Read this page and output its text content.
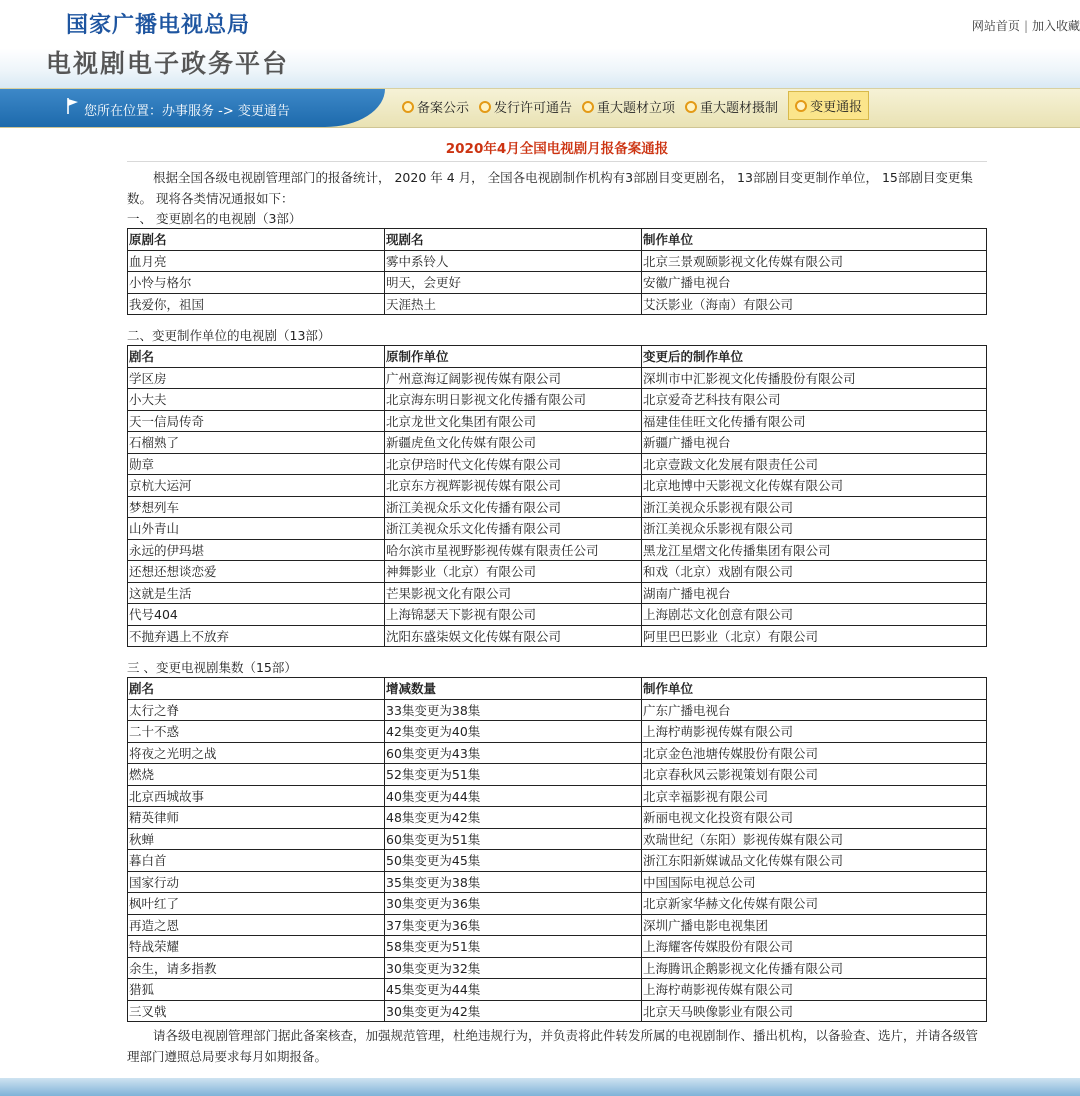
国家广播电视总局
电视剧电子政务平台
网站首页 | 加入收藏
您所在位置：办事服务 -> 变更通告	备案公示 发行许可通告 重大题材立项 重大题材摄制 变更通报
2020年4月全国电视剧月报备案通报
根据全国各级电视剧管理部门的报备统计， 2020 年 4 月， 全国各电视剧制作机构有3部剧目变更剧名， 13部剧目变更制作单位， 15部剧目变更集数。 现将各类情况通报如下：
一、 变更剧名的电视剧（3部）
原剧名	现剧名	制作单位
血月亮	雾中系铃人	北京三景观颐影视文化传媒有限公司
小怜与格尔	明天，会更好	安徽广播电视台
我爱你，祖国	天涯热土	艾沃影业（海南）有限公司
二、变更制作单位的电视剧（13部）
剧名	原制作单位	变更后的制作单位
学区房	广州意海辽阔影视传媒有限公司	深圳市中汇影视文化传播股份有限公司
小大夫	北京海东明日影视文化传播有限公司	北京爱奇艺科技有限公司
天一信局传奇	北京龙世文化集团有限公司	福建佳佳旺文化传播有限公司
石榴熟了	新疆虎鱼文化传媒有限公司	新疆广播电视台
勋章	北京伊琣时代文化传媒有限公司	北京壹跋文化发展有限责任公司
京杭大运河	北京东方视辉影视传媒有限公司	北京地博中天影视文化传媒有限公司
梦想列车	浙江美视众乐文化传播有限公司	浙江美视众乐影视有限公司
山外青山	浙江美视众乐文化传播有限公司	浙江美视众乐影视有限公司
永远的伊玛堪	哈尔滨市星视野影视传媒有限责任公司	黑龙江星熠文化传播集团有限公司
还想还想谈恋爱	神舞影业（北京）有限公司	和戏（北京）戏剧有限公司
这就是生活	芒果影视文化有限公司	湖南广播电视台
代号404	上海锦瑟天下影视有限公司	上海剧芯文化创意有限公司
不抛弃遇上不放弃	沈阳东盛柒娱文化传媒有限公司	阿里巴巴影业（北京）有限公司
三 、变更电视剧集数（15部）
剧名	增减数量	制作单位
太行之脊	33集变更为38集	广东广播电视台
二十不惑	42集变更为40集	上海柠萌影视传媒有限公司
将夜之光明之战	60集变更为43集	北京金色池塘传媒股份有限公司
燃烧	52集变更为51集	北京春秋风云影视策划有限公司
北京西城故事	40集变更为44集	北京幸福影视有限公司
精英律师	48集变更为42集	新丽电视文化投资有限公司
秋蝉	60集变更为51集	欢瑞世纪（东阳）影视传媒有限公司
暮白首	50集变更为45集	浙江东阳新媒诚品文化传媒有限公司
国家行动	35集变更为38集	中国国际电视总公司
枫叶红了	30集变更为36集	北京新家华赫文化传媒有限公司
再造之恩	37集变更为36集	深圳广播电影电视集团
特战荣耀	58集变更为51集	上海耀客传媒股份有限公司
余生，请多指教	30集变更为32集	上海腾讯企鹅影视文化传播有限公司
猎狐	45集变更为44集	上海柠萌影视传媒有限公司
三叉戟	30集变更为42集	北京天马映像影业有限公司
请各级电视剧管理部门据此备案核查，加强规范管理，杜绝违规行为，并负责将此件转发所属的电视剧制作、播出机构，以备验查、选片，并请各级管理部门遵照总局要求每月如期报备。
